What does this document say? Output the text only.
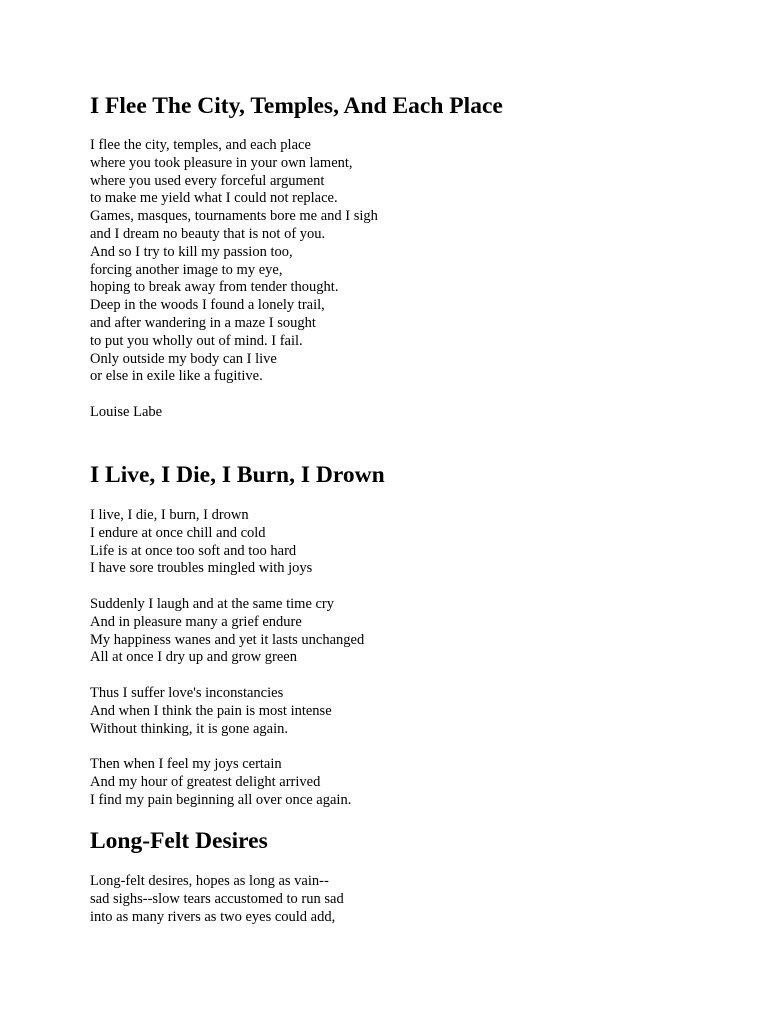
I Flee The City, Temples, And Each Place
I flee the city, temples, and each place
where you took pleasure in your own lament,
where you used every forceful argument
to make me yield what I could not replace.
Games, masques, tournaments bore me and I sigh
and I dream no beauty that is not of you.
And so I try to kill my passion too,
forcing another image to my eye,
hoping to break away from tender thought.
Deep in the woods I found a lonely trail,
and after wandering in a maze I sought
to put you wholly out of mind. I fail.
Only outside my body can I live
or else in exile like a fugitive.
Louise Labe
I Live, I Die, I Burn, I Drown
I live, I die, I burn, I drown
I endure at once chill and cold
Life is at once too soft and too hard
I have sore troubles mingled with joys
Suddenly I laugh and at the same time cry
And in pleasure many a grief endure
My happiness wanes and yet it lasts unchanged
All at once I dry up and grow green
Thus I suffer love's inconstancies
And when I think the pain is most intense
Without thinking, it is gone again.
Then when I feel my joys certain
And my hour of greatest delight arrived
I find my pain beginning all over once again.
Long-Felt Desires
Long-felt desires, hopes as long as vain--
sad sighs--slow tears accustomed to run sad
into as many rivers as two eyes could add,
